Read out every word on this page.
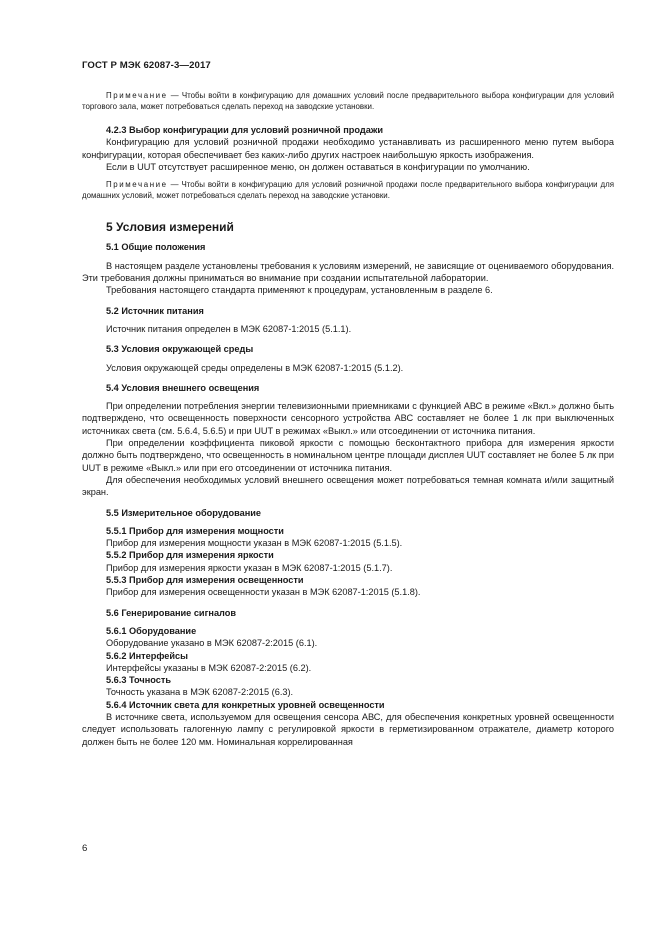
ГОСТ Р МЭК 62087-3—2017

Примечание — Чтобы войти в конфигурацию для домашних условий после предварительного выбора конфигурации для условий торгового зала, может потребоваться сделать переход на заводские установки.

4.2.3 Выбор конфигурации для условий розничной продажи

Конфигурацию для условий розничной продажи необходимо устанавливать из расширенного меню путем выбора конфигурации, которая обеспечивает без каких-либо других настроек наибольшую яркость изображения.

Если в UUT отсутствует расширенное меню, он должен оставаться в конфигурации по умолчанию.

Примечание — Чтобы войти в конфигурацию для условий розничной продажи после предварительного выбора конфигурации для домашних условий, может потребоваться сделать переход на заводские установки.

5 Условия измерений

5.1 Общие положения

В настоящем разделе установлены требования к условиям измерений, не зависящие от оцениваемого оборудования. Эти требования должны приниматься во внимание при создании испытательной лаборатории.

Требования настоящего стандарта применяют к процедурам, установленным в разделе 6.

5.2 Источник питания

Источник питания определен в МЭК 62087-1:2015 (5.1.1).

5.3 Условия окружающей среды

Условия окружающей среды определены в МЭК 62087-1:2015 (5.1.2).

5.4 Условия внешнего освещения

При определении потребления энергии телевизионными приемниками с функцией АВС в режиме «Вкл.» должно быть подтверждено, что освещенность поверхности сенсорного устройства АВС составляет не более 1 лк при выключенных источниках света (см. 5.6.4, 5.6.5) и при UUT в режимах «Выкл.» или отсоединении от источника питания.

При определении коэффициента пиковой яркости с помощью бесконтактного прибора для измерения яркости должно быть подтверждено, что освещенность в номинальном центре площади дисплея UUT составляет не более 5 лк при UUT в режиме «Выкл.» или при его отсоединении от источника питания.

Для обеспечения необходимых условий внешнего освещения может потребоваться темная комната и/или защитный экран.

5.5 Измерительное оборудование

5.5.1 Прибор для измерения мощности

Прибор для измерения мощности указан в МЭК 62087-1:2015 (5.1.5).

5.5.2 Прибор для измерения яркости

Прибор для измерения яркости указан в МЭК 62087-1:2015 (5.1.7).

5.5.3 Прибор для измерения освещенности

Прибор для измерения освещенности указан в МЭК 62087-1:2015 (5.1.8).

5.6 Генерирование сигналов

5.6.1 Оборудование

Оборудование указано в МЭК 62087-2:2015 (6.1).

5.6.2 Интерфейсы

Интерфейсы указаны в МЭК 62087-2:2015 (6.2).

5.6.3 Точность

Точность указана в МЭК 62087-2:2015 (6.3).

5.6.4 Источник света для конкретных уровней освещенности

В источнике света, используемом для освещения сенсора АВС, для обеспечения конкретных уровней освещенности следует использовать галогенную лампу с регулировкой яркости в герметизированном отражателе, диаметр которого должен быть не более 120 мм. Номинальная коррелированная

6
